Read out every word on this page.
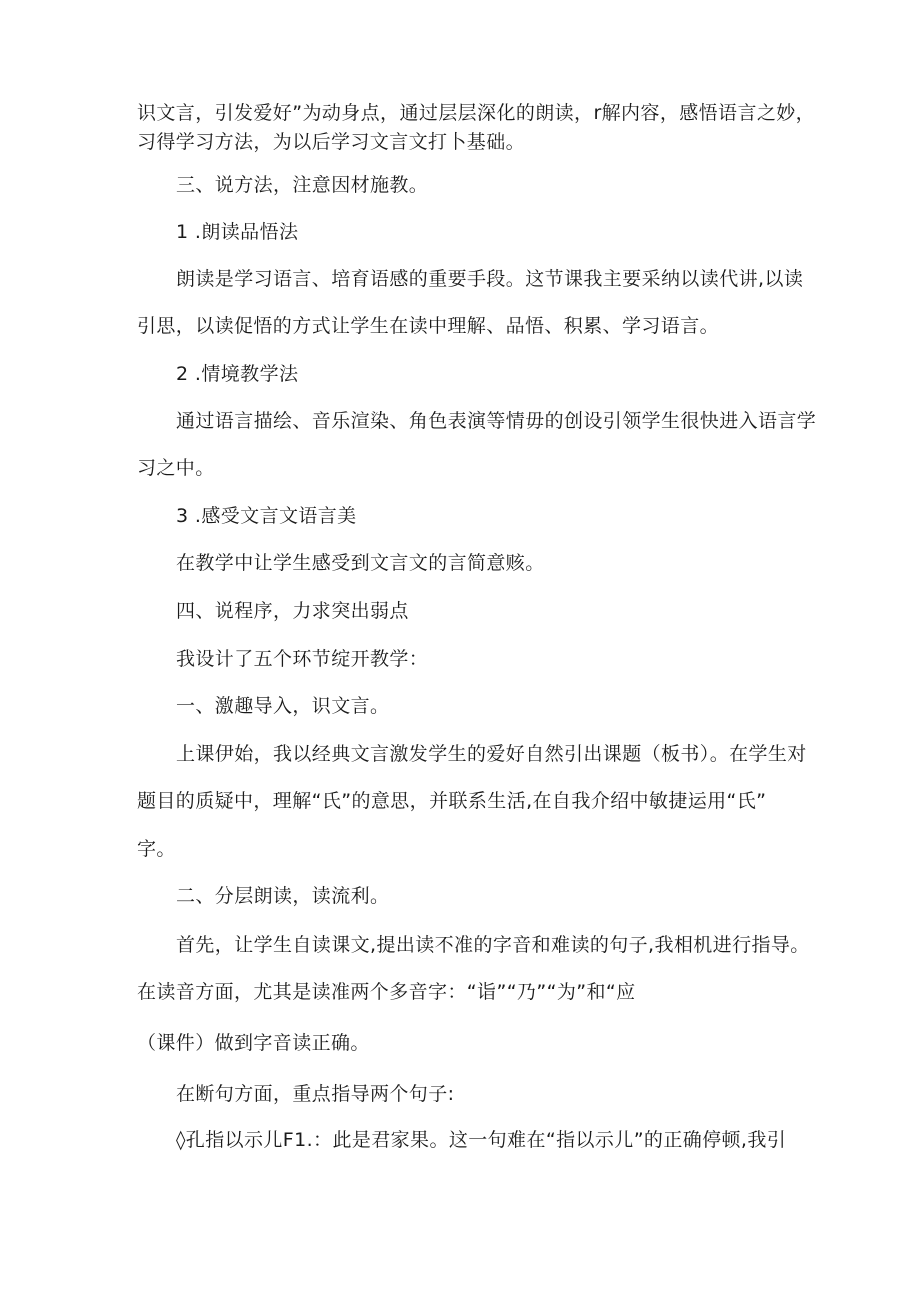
识文言，引发爱好”为动身点，通过层层深化的朗读，r解内容，感悟语言之妙，
习得学习方法，为以后学习文言文打卜基础。
三、说方法，注意因材施教。
1 .朗读品悟法
朗读是学习语言、培育语感的重要手段。这节课我主要采纳以读代讲,以读
引思，以读促悟的方式让学生在读中理解、品悟、积累、学习语言。
2 .情境教学法
通过语言描绘、音乐渲染、角色表演等情毋的创设引领学生很快进入语言学
习之中。
3 .感受文言文语言美
在教学中让学生感受到文言文的言简意赅。
四、说程序，力求突出弱点
我设计了五个环节绽开教学：
一、激趣导入，识文言。
上课伊始，我以经典文言激发学生的爱好自然引出课题（板书）。在学生对
题目的质疑中，理解“氏”的意思，并联系生活,在自我介绍中敏捷运用“氏”
字。
二、分层朗读，读流利。
首先，让学生自读课文,提出读不准的字音和难读的句子,我相机进行指导。
在读音方面，尤其是读准两个多音字：“诣”“乃”“为”和“应
（课件）做到字音读正确。
在断句方面，重点指导两个句子:
◊孔指以示儿F1.：此是君家果。这一句难在“指以示儿”的正确停顿,我引
